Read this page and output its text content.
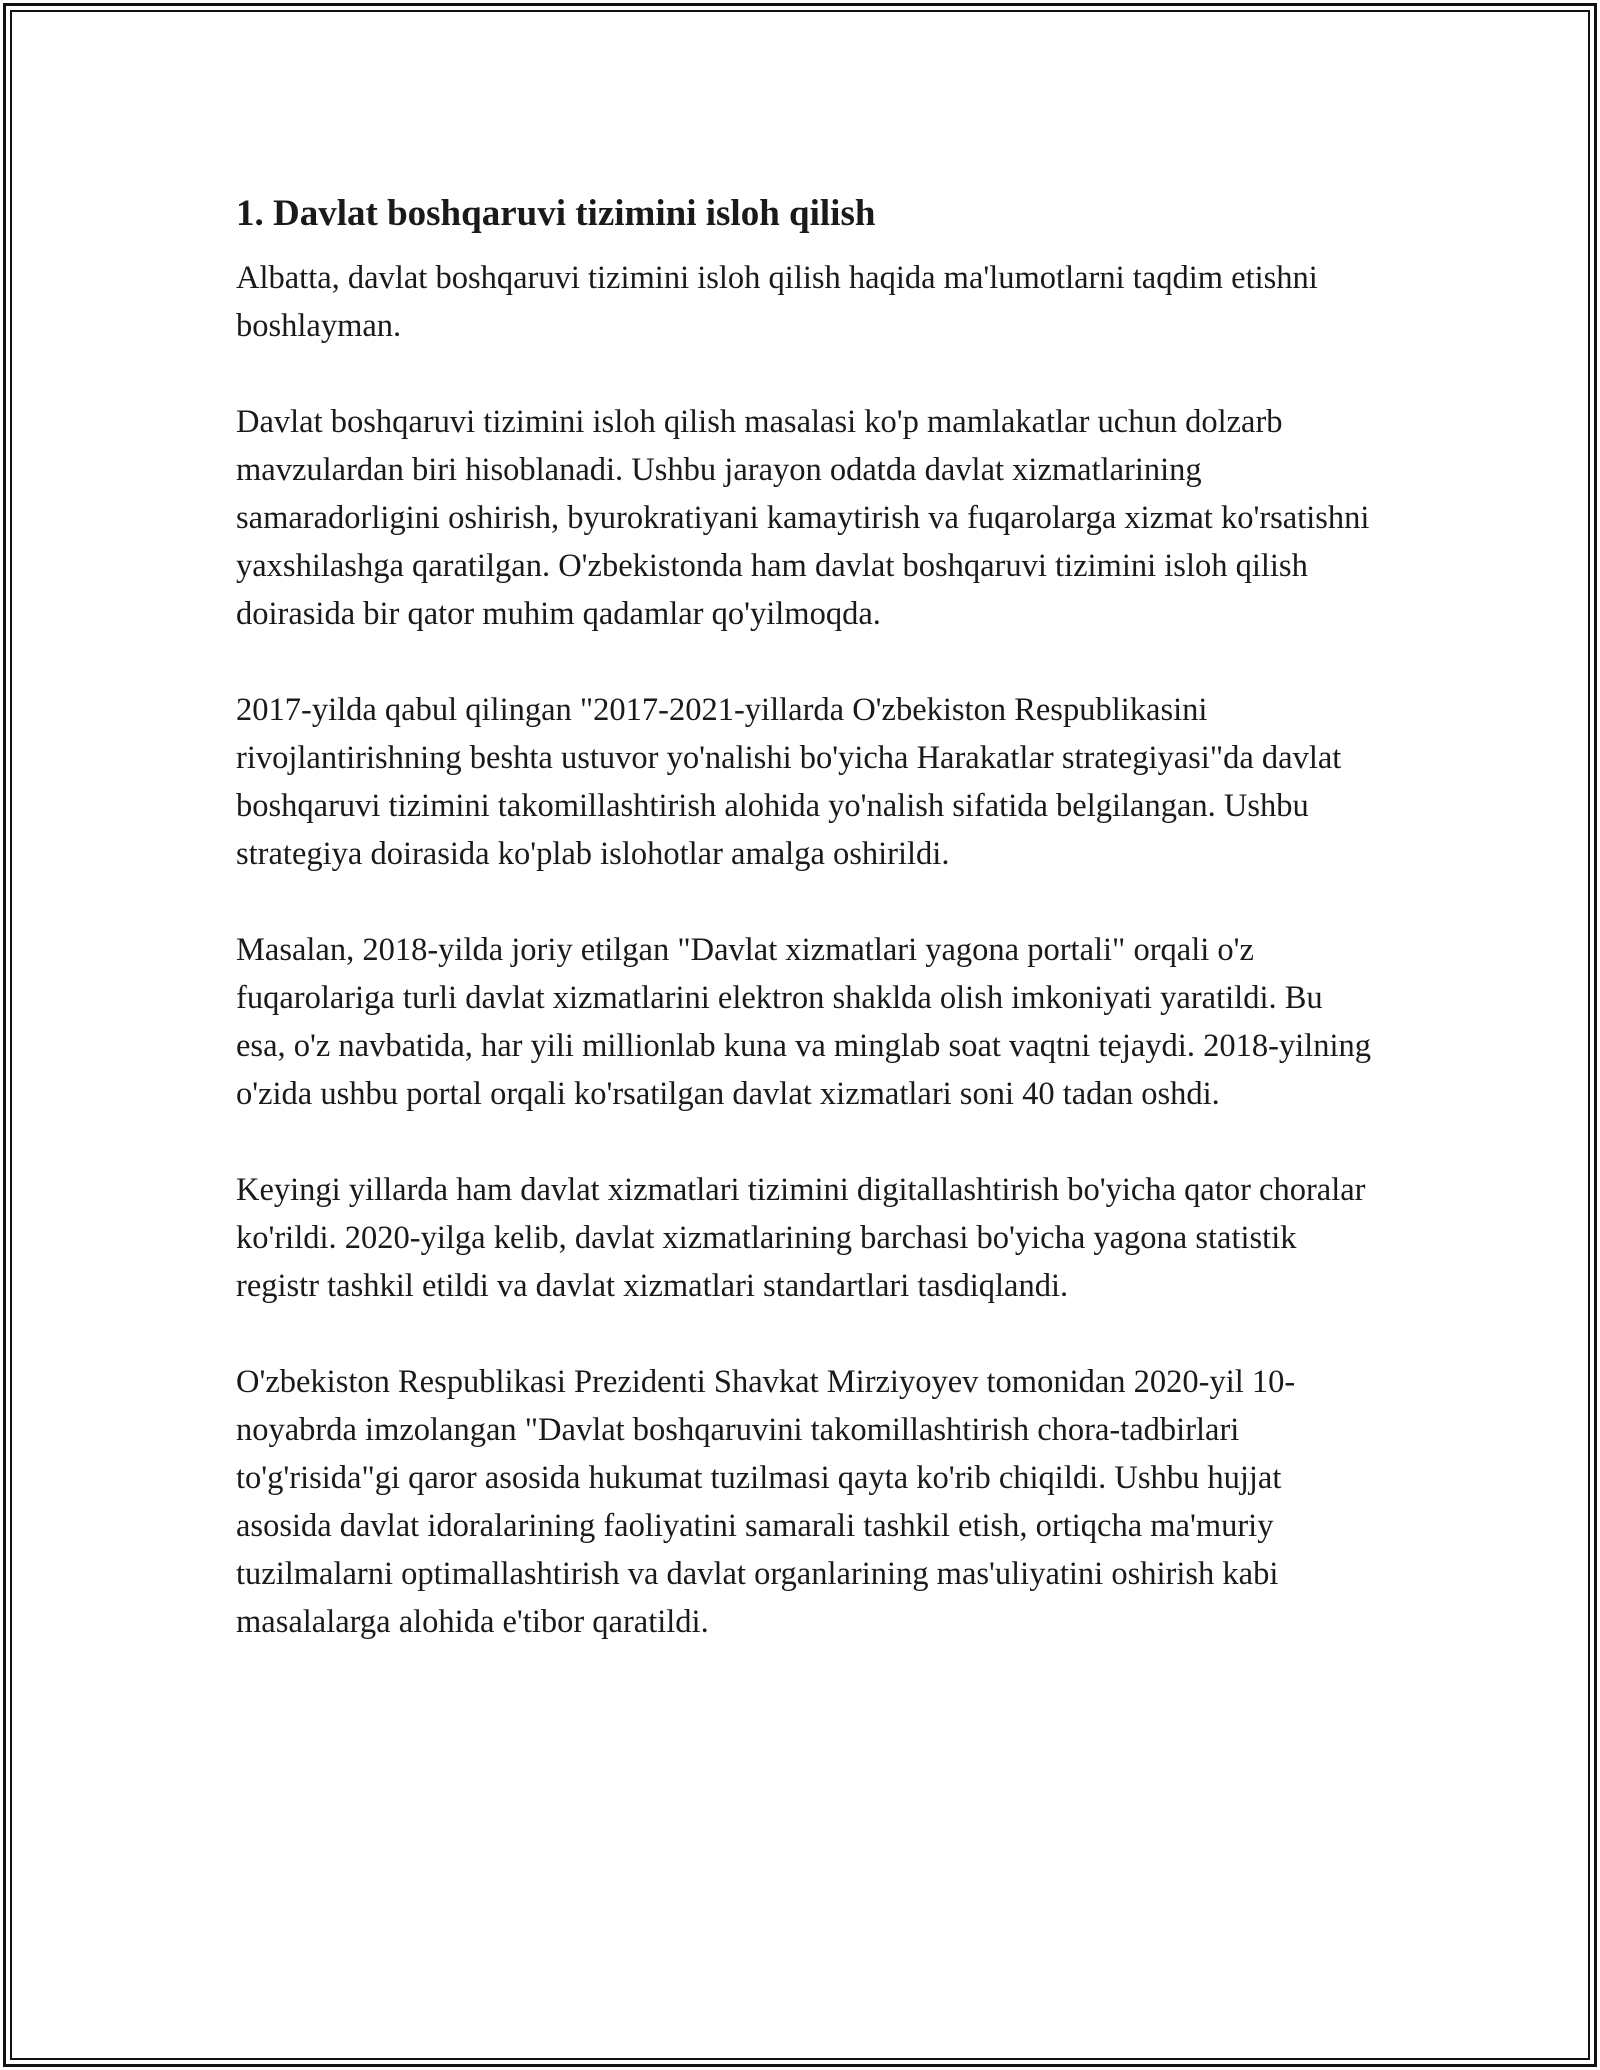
1. Davlat boshqaruvi tizimini isloh qilish

Albatta, davlat boshqaruvi tizimini isloh qilish haqida ma'lumotlarni taqdim etishni boshlayman.

Davlat boshqaruvi tizimini isloh qilish masalasi ko'p mamlakatlar uchun dolzarb mavzulardan biri hisoblanadi. Ushbu jarayon odatda davlat xizmatlarining samaradorligini oshirish, byurokratiyani kamaytirish va fuqarolarga xizmat ko'rsatishni yaxshilashga qaratilgan. O'zbekistonda ham davlat boshqaruvi tizimini isloh qilish doirasida bir qator muhim qadamlar qo'yilmoqda.

2017-yilda qabul qilingan "2017-2021-yillarda O'zbekiston Respublikasini rivojlantirishning beshta ustuvor yo'nalishi bo'yicha Harakatlar strategiyasi"da davlat boshqaruvi tizimini takomillashtirish alohida yo'nalish sifatida belgilangan. Ushbu strategiya doirasida ko'plab islohotlar amalga oshirildi.

Masalan, 2018-yilda joriy etilgan "Davlat xizmatlari yagona portali" orqali o'z fuqarolariga turli davlat xizmatlarini elektron shaklda olish imkoniyati yaratildi. Bu esa, o'z navbatida, har yili millionlab kuna va minglab soat vaqtni tejaydi. 2018-yilning o'zida ushbu portal orqali ko'rsatilgan davlat xizmatlari soni 40 tadan oshdi.

Keyingi yillarda ham davlat xizmatlari tizimini digitallashtirish bo'yicha qator choralar ko'rildi. 2020-yilga kelib, davlat xizmatlarining barchasi bo'yicha yagona statistik registr tashkil etildi va davlat xizmatlari standartlari tasdiqlandi.

O'zbekiston Respublikasi Prezidenti Shavkat Mirziyoyev tomonidan 2020-yil 10-noyabrda imzolangan "Davlat boshqaruvini takomillashtirish chora-tadbirlari to'g'risida"gi qaror asosida hukumat tuzilmasi qayta ko'rib chiqildi. Ushbu hujjat asosida davlat idoralarining faoliyatini samarali tashkil etish, ortiqcha ma'muriy tuzilmalarni optimallashtirish va davlat organlarining mas'uliyatini oshirish kabi masalalarga alohida e'tibor qaratildi.
